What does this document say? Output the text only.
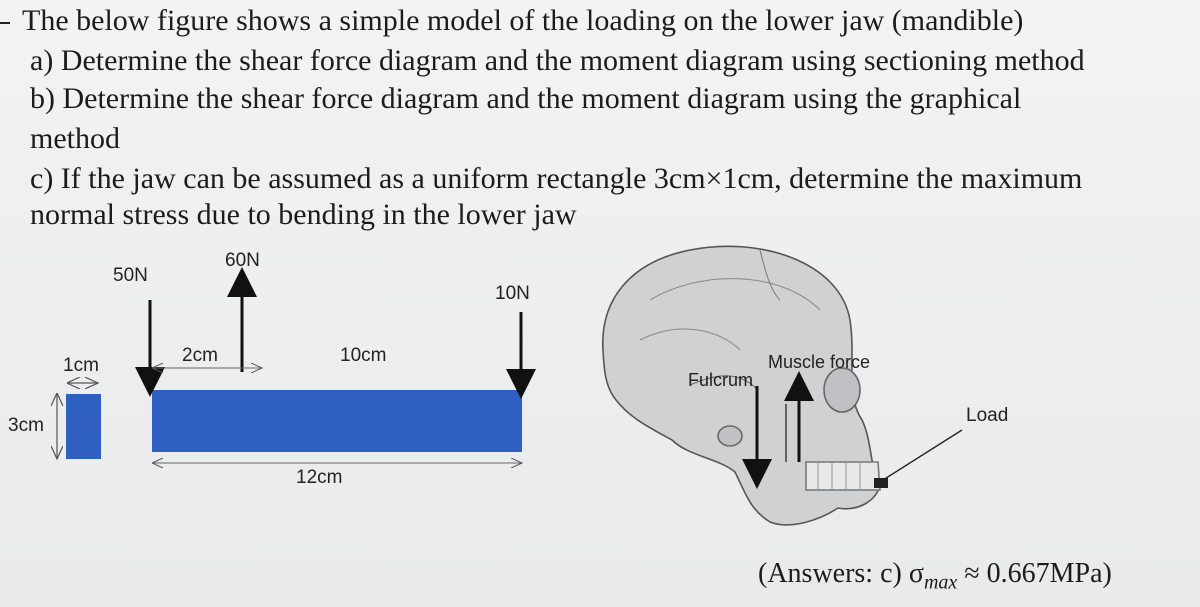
The below figure shows a simple model of the loading on the lower jaw (mandible)

a) Determine the shear force diagram and the moment diagram using sectioning method

b) Determine the shear force diagram and the moment diagram using the graphical

method

c) If the jaw can be assumed as a uniform rectangle 3cm×1cm, determine the maximum

normal stress due to bending in the lower jaw

50N
60N
10N
2cm	10cm
12cm
1cm
3cm
Fulcrum
Muscle force
Load
(Answers: c) $\sigma_{max} \approx 0.667MPa$)
